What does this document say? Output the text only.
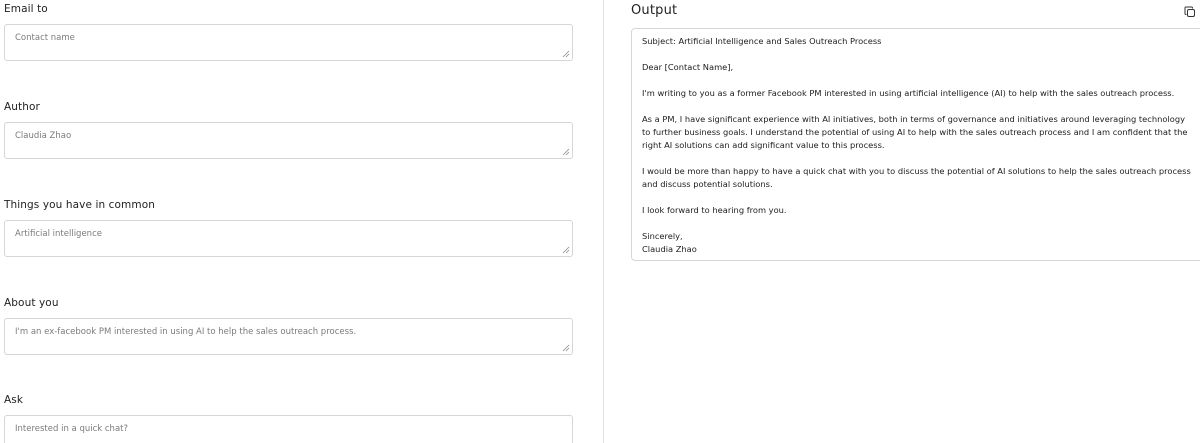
Email to
Contact name
Author
Claudia Zhao
Things you have in common
Artificial intelligence
About you
I'm an ex-facebook PM interested in using AI to help the sales outreach process.
Ask
Interested in a quick chat?
Output

Subject: Artificial Intelligence and Sales Outreach Process

Dear [Contact Name],

I'm writing to you as a former Facebook PM interested in using artificial intelligence (AI) to help with the sales outreach process.

As a PM, I have significant experience with AI initiatives, both in terms of governance and initiatives around leveraging technology to further business goals. I understand the potential of using AI to help with the sales outreach process and I am confident that the right AI solutions can add significant value to this process.

I would be more than happy to have a quick chat with you to discuss the potential of AI solutions to help the sales outreach process and discuss potential solutions.

I look forward to hearing from you.

Sincerely,
Claudia Zhao
